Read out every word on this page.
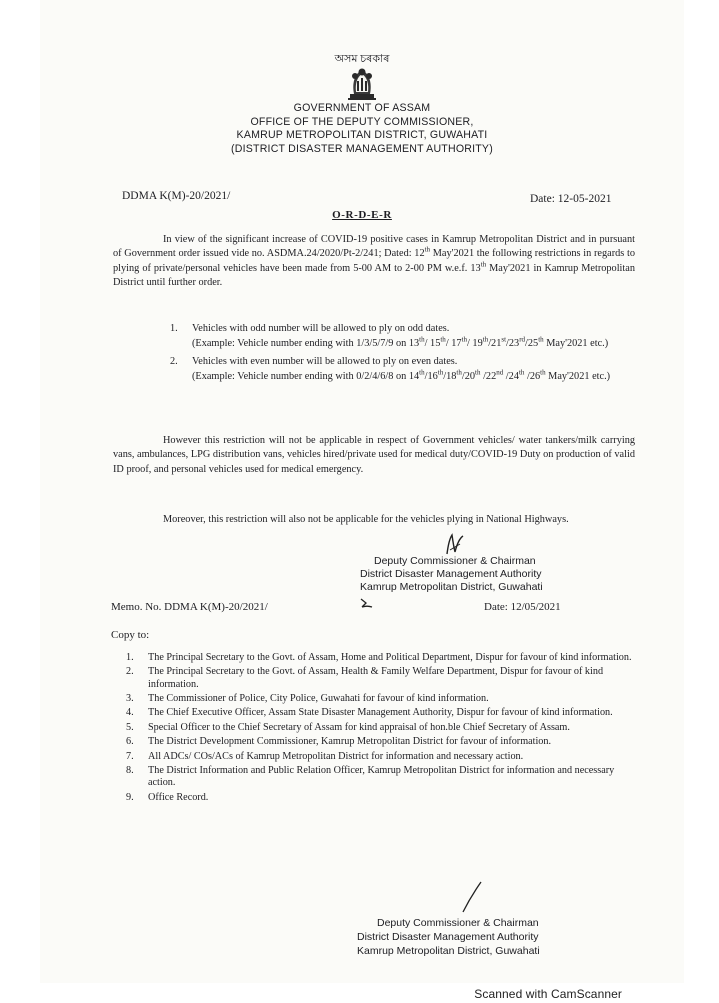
অসম চৰকাৰ
GOVERNMENT OF ASSAM
OFFICE OF THE DEPUTY COMMISSIONER,
KAMRUP METROPOLITAN DISTRICT, GUWAHATI
(DISTRICT DISASTER MANAGEMENT AUTHORITY)
DDMA K(M)-20/2021/	Date: 12-05-2021
O-R-D-E-R
In view of the significant increase of COVID-19 positive cases in Kamrup Metropolitan District and in pursuant of Government order issued vide no. ASDMA.24/2020/Pt-2/241; Dated: 12th May'2021 the following restrictions in regards to plying of private/personal vehicles have been made from 5-00 AM to 2-00 PM w.e.f. 13th May'2021 in Kamrup Metropolitan District until further order.
1. Vehicles with odd number will be allowed to ply on odd dates.
(Example: Vehicle number ending with 1/3/5/7/9 on 13th/ 15th/ 17th/ 19th/21st/23rd/25th May'2021 etc.)
2. Vehicles with even number will be allowed to ply on even dates.
(Example: Vehicle number ending with 0/2/4/6/8 on 14th/16th/18th/20th /22nd /24th /26th May'2021 etc.)
However this restriction will not be applicable in respect of Government vehicles/ water tankers/milk carrying vans, ambulances, LPG distribution vans, vehicles hired/private used for medical duty/COVID-19 Duty on production of valid ID proof, and personal vehicles used for medical emergency.
Moreover, this restriction will also not be applicable for the vehicles plying in National Highways.
Deputy Commissioner & Chairman
District Disaster Management Authority
Kamrup Metropolitan District, Guwahati
Memo. No. DDMA K(M)-20/2021/	Date: 12/05/2021
Copy to:
1. The Principal Secretary to the Govt. of Assam, Home and Political Department, Dispur for favour of kind information.
2. The Principal Secretary to the Govt. of Assam, Health & Family Welfare Department, Dispur for favour of kind information.
3. The Commissioner of Police, City Police, Guwahati for favour of kind information.
4. The Chief Executive Officer, Assam State Disaster Management Authority, Dispur for favour of kind information.
5. Special Officer to the Chief Secretary of Assam for kind appraisal of hon.ble Chief Secretary of Assam.
6. The District Development Commissioner, Kamrup Metropolitan District for favour of information.
7. All ADCs/ COs/ACs of Kamrup Metropolitan District for information and necessary action.
8. The District Information and Public Relation Officer, Kamrup Metropolitan District for information and necessary action.
9. Office Record.
Deputy Commissioner & Chairman
District Disaster Management Authority
Kamrup Metropolitan District, Guwahati
Scanned with CamScanner
